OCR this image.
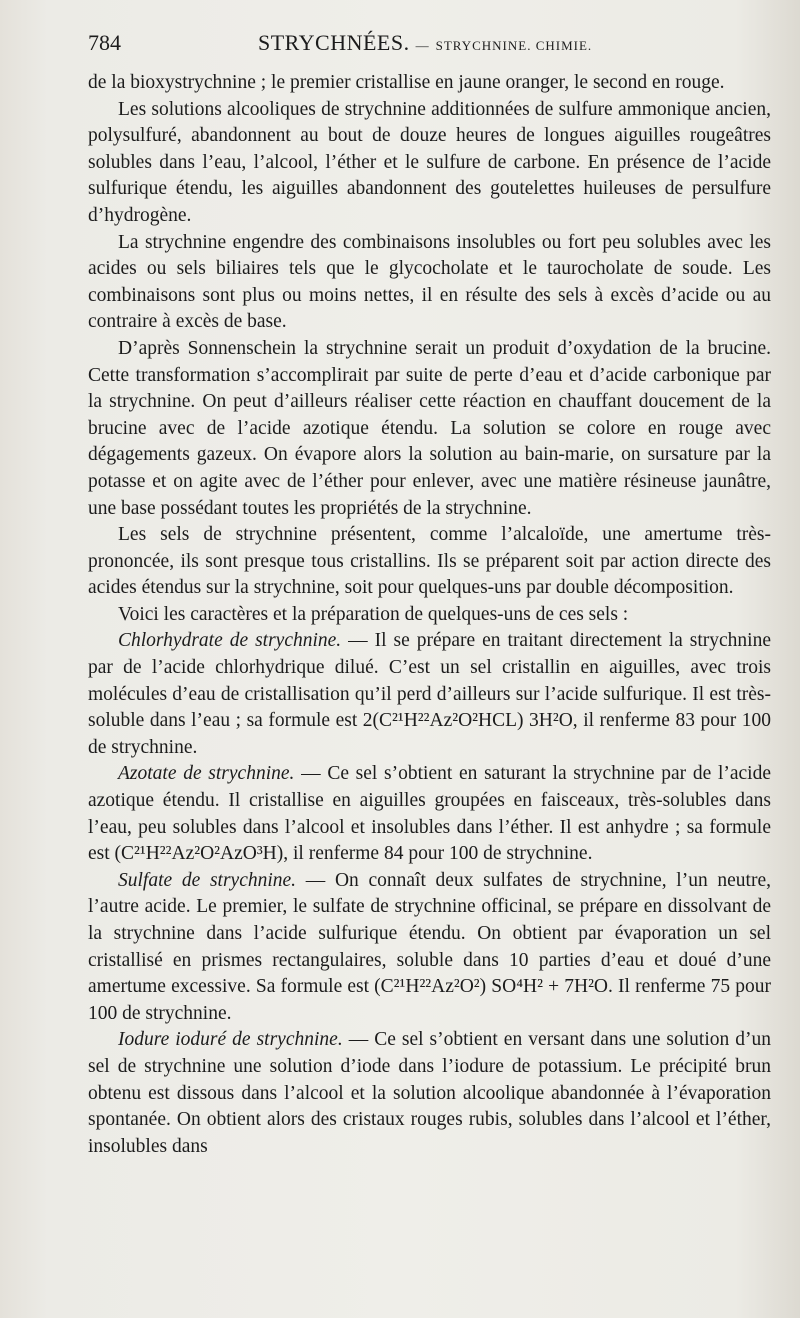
784	STRYCHNÉES. — STRYCHNINE. CHIMIE.

de la bioxystrychnine ; le premier cristallise en jaune oranger, le second en rouge.

Les solutions alcooliques de strychnine additionnées de sulfure ammonique ancien, polysulfuré, abandonnent au bout de douze heures de longues aiguilles rougeâtres solubles dans l’eau, l’alcool, l’éther et le sulfure de carbone. En présence de l’acide sulfurique étendu, les aiguilles abandonnent des goutelettes huileuses de persulfure d’hydrogène.

La strychnine engendre des combinaisons insolubles ou fort peu solubles avec les acides ou sels biliaires tels que le glycocholate et le taurocholate de soude. Les combinaisons sont plus ou moins nettes, il en résulte des sels à excès d’acide ou au contraire à excès de base.

D’après Sonnenschein la strychnine serait un produit d’oxydation de la brucine. Cette transformation s’accomplirait par suite de perte d’eau et d’acide carbonique par la strychnine. On peut d’ailleurs réaliser cette réaction en chauffant doucement de la brucine avec de l’acide azotique étendu. La solution se colore en rouge avec dégagements gazeux. On évapore alors la solution au bain-marie, on sursature par la potasse et on agite avec de l’éther pour enlever, avec une matière résineuse jaunâtre, une base possédant toutes les propriétés de la strychnine.

Les sels de strychnine présentent, comme l’alcaloïde, une amertume très-prononcée, ils sont presque tous cristallins. Ils se préparent soit par action directe des acides étendus sur la strychnine, soit pour quelques-uns par double décomposition.

Voici les caractères et la préparation de quelques-uns de ces sels :

Chlorhydrate de strychnine. — Il se prépare en traitant directement la strychnine par de l’acide chlorhydrique dilué. C’est un sel cristallin en aiguilles, avec trois molécules d’eau de cristallisation qu’il perd d’ailleurs sur l’acide sulfurique. Il est très-soluble dans l’eau ; sa formule est 2(C²¹H²²Az²O²HCL) 3H²O, il renferme 83 pour 100 de strychnine.

Azotate de strychnine. — Ce sel s’obtient en saturant la strychnine par de l’acide azotique étendu. Il cristallise en aiguilles groupées en faisceaux, très-solubles dans l’eau, peu solubles dans l’alcool et insolubles dans l’éther. Il est anhydre ; sa formule est (C²¹H²²Az²O²AzO³H), il renferme 84 pour 100 de strychnine.

Sulfate de strychnine. — On connaît deux sulfates de strychnine, l’un neutre, l’autre acide. Le premier, le sulfate de strychnine officinal, se prépare en dissolvant de la strychnine dans l’acide sulfurique étendu. On obtient par évaporation un sel cristallisé en prismes rectangulaires, soluble dans 10 parties d’eau et doué d’une amertume excessive. Sa formule est (C²¹H²²Az²O²) SO⁴H² + 7H²O. Il renferme 75 pour 100 de strychnine.

Iodure ioduré de strychnine. — Ce sel s’obtient en versant dans une solution d’un sel de strychnine une solution d’iode dans l’iodure de potassium. Le précipité brun obtenu est dissous dans l’alcool et la solution alcoolique abandonnée à l’évaporation spontanée. On obtient alors des cristaux rouges rubis, solubles dans l’alcool et l’éther, insolubles dans
